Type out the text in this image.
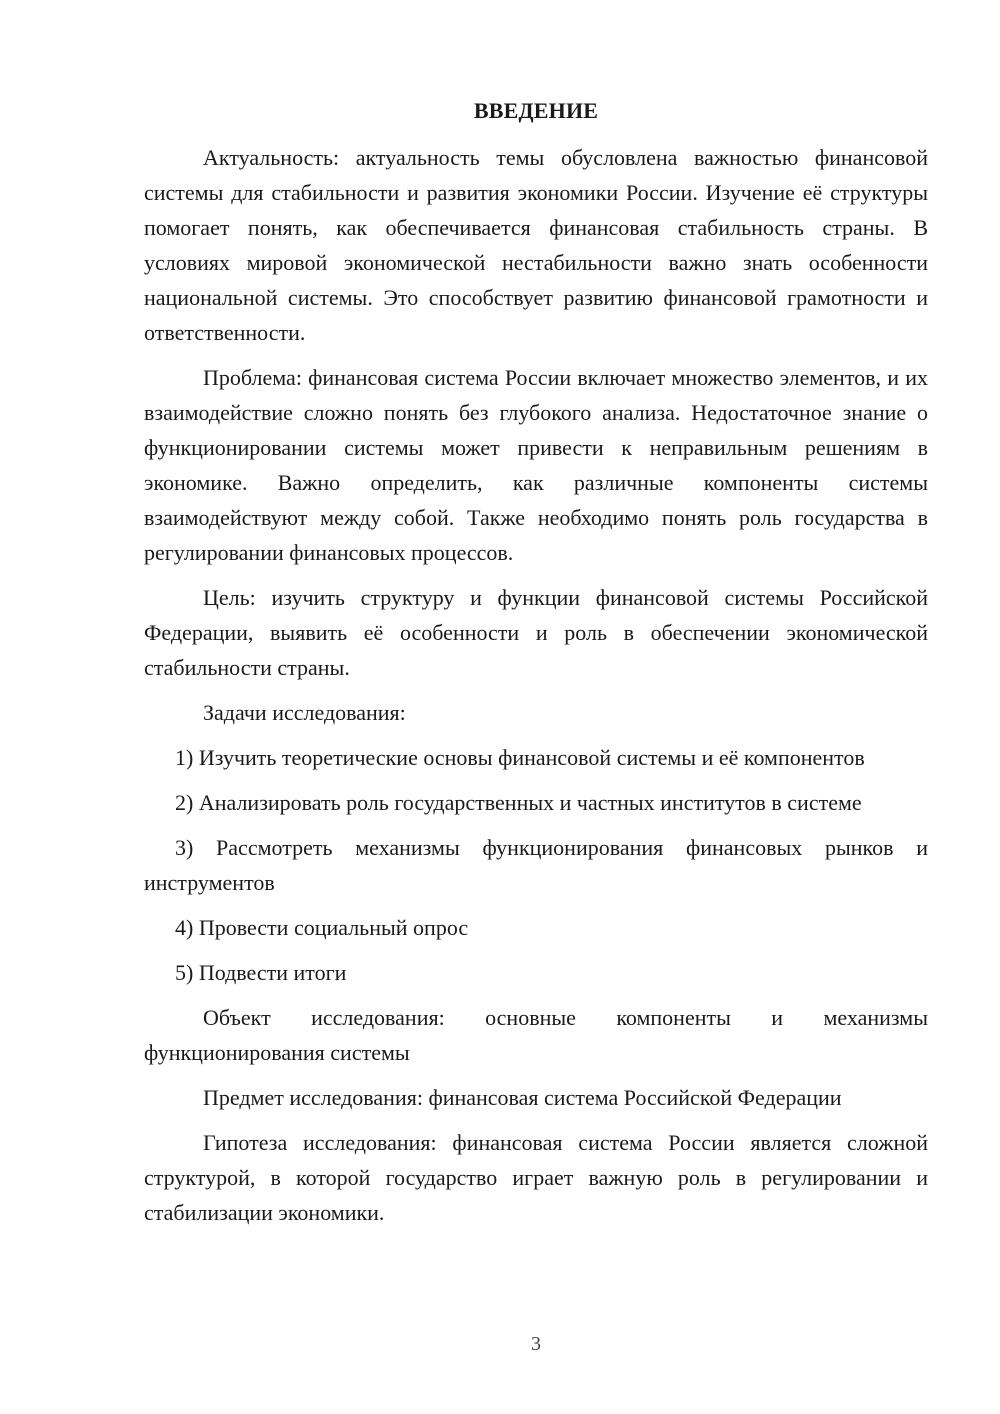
ВВЕДЕНИЕ

Актуальность: актуальность темы обусловлена важностью финансовой системы для стабильности и развития экономики России. Изучение её структуры помогает понять, как обеспечивается финансовая стабильность страны. В условиях мировой экономической нестабильности важно знать особенности национальной системы. Это способствует развитию финансовой грамотности и ответственности.

Проблема: финансовая система России включает множество элементов, и их взаимодействие сложно понять без глубокого анализа. Недостаточное знание о функционировании системы может привести к неправильным решениям в экономике. Важно определить, как различные компоненты системы взаимодействуют между собой. Также необходимо понять роль государства в регулировании финансовых процессов.

Цель: изучить структуру и функции финансовой системы Российской Федерации, выявить её особенности и роль в обеспечении экономической стабильности страны.

Задачи исследования:

1) Изучить теоретические основы финансовой системы и её компонентов

2) Анализировать роль государственных и частных институтов в системе

3) Рассмотреть механизмы функционирования финансовых рынков и инструментов

4) Провести социальный опрос

5) Подвести итоги

Объект исследования: основные компоненты и механизмы функционирования системы

Предмет исследования: финансовая система Российской Федерации

Гипотеза исследования: финансовая система России является сложной структурой, в которой государство играет важную роль в регулировании и стабилизации экономики.

3
